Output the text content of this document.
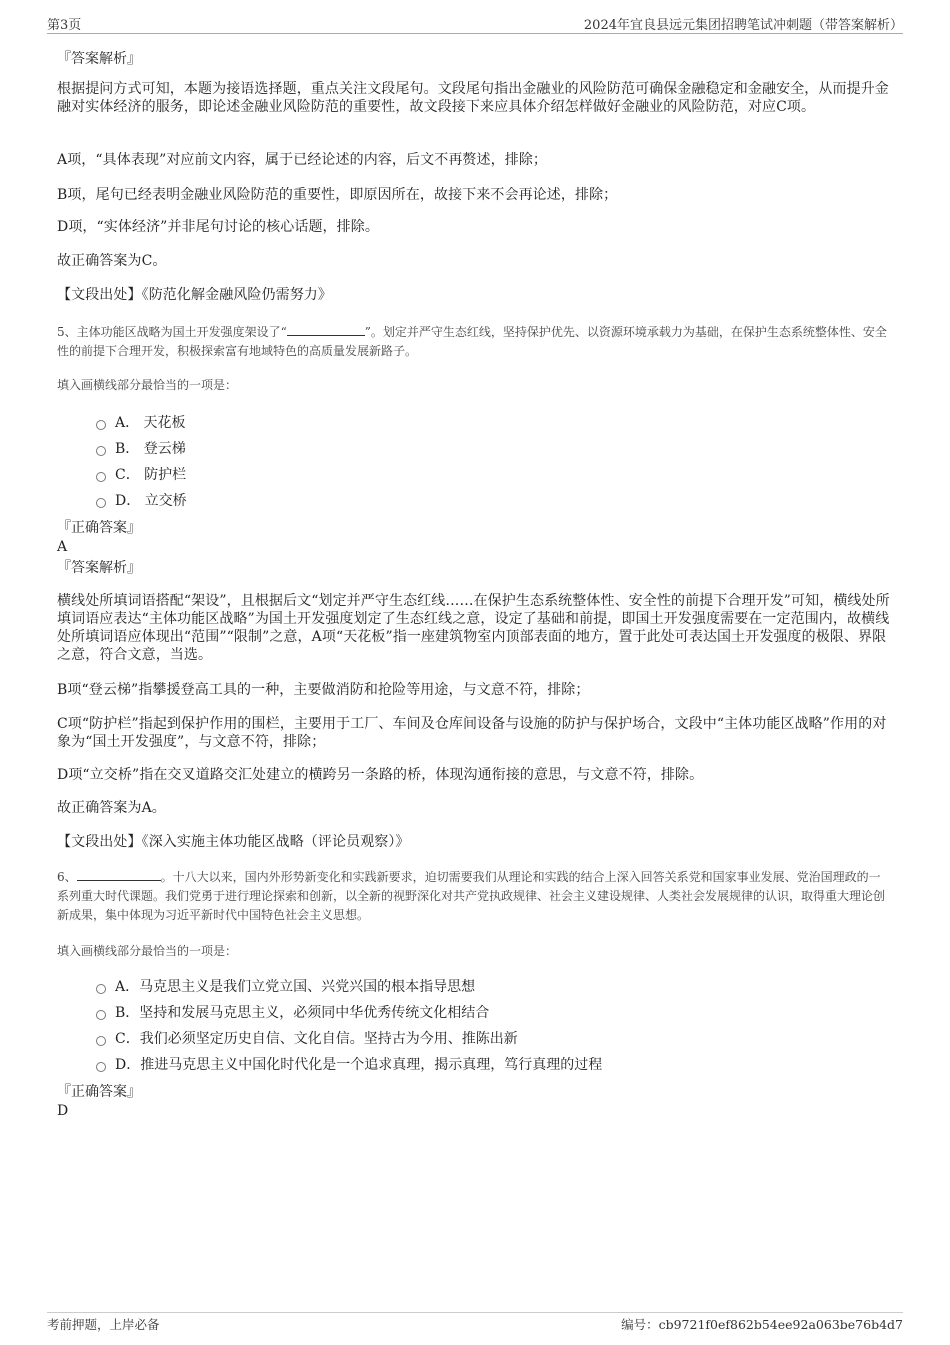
第3页	2024年宜良县远元集团招聘笔试冲刺题（带答案解析）
『答案解析』
根据提问方式可知，本题为接语选择题，重点关注文段尾句。文段尾句指出金融业的风险防范可确保金融稳定和金融安全，从而提升金融对实体经济的服务，即论述金融业风险防范的重要性，故文段接下来应具体介绍怎样做好金融业的风险防范，对应C项。
A项，“具体表现”对应前文内容，属于已经论述的内容，后文不再赘述，排除；
B项，尾句已经表明金融业风险防范的重要性，即原因所在，故接下来不会再论述，排除；
D项，“实体经济”并非尾句讨论的核心话题，排除。
故正确答案为C。
【文段出处】《防范化解金融风险仍需努力》
5、主体功能区战略为国土开发强度架设了“	”。划定并严守生态红线，坚持保护优先、以资源环境承载力为基础，在保护生态系统整体性、安全性的前提下合理开发，积极探索富有地域特色的高质量发展新路子。
填入画横线部分最恰当的一项是：
A． 天花板
B． 登云梯
C． 防护栏
D． 立交桥
『正确答案』
A
『答案解析』
横线处所填词语搭配“架设”，且根据后文“划定并严守生态红线……在保护生态系统整体性、安全性的前提下合理开发”可知，横线处所填词语应表达“主体功能区战略”为国土开发强度划定了生态红线之意，设定了基础和前提，即国土开发强度需要在一定范围内，故横线处所填词语应体现出“范围”“限制”之意，A项“天花板”指一座建筑物室内顶部表面的地方，置于此处可表达国土开发强度的极限、界限之意，符合文意，当选。
B项“登云梯”指攀援登高工具的一种，主要做消防和抢险等用途，与文意不符，排除；
C项“防护栏”指起到保护作用的围栏，主要用于工厂、车间及仓库间设备与设施的防护与保护场合，文段中“主体功能区战略”作用的对象为“国土开发强度”，与文意不符，排除；
D项“立交桥”指在交叉道路交汇处建立的横跨另一条路的桥，体现沟通衔接的意思，与文意不符，排除。
故正确答案为A。
【文段出处】《深入实施主体功能区战略（评论员观察）》
6、	。十八大以来，国内外形势新变化和实践新要求，迫切需要我们从理论和实践的结合上深入回答关系党和国家事业发展、党治国理政的一系列重大时代课题。我们党勇于进行理论探索和创新，以全新的视野深化对共产党执政规律、社会主义建设规律、人类社会发展规律的认识，取得重大理论创新成果，集中体现为习近平新时代中国特色社会主义思想。
填入画横线部分最恰当的一项是：
A．马克思主义是我们立党立国、兴党兴国的根本指导思想
B．坚持和发展马克思主义，必须同中华优秀传统文化相结合
C．我们必须坚定历史自信、文化自信。坚持古为今用、推陈出新
D．推进马克思主义中国化时代化是一个追求真理，揭示真理，笃行真理的过程
『正确答案』
D
考前押题，上岸必备	编号：cb9721f0ef862b54ee92a063be76b4d7
